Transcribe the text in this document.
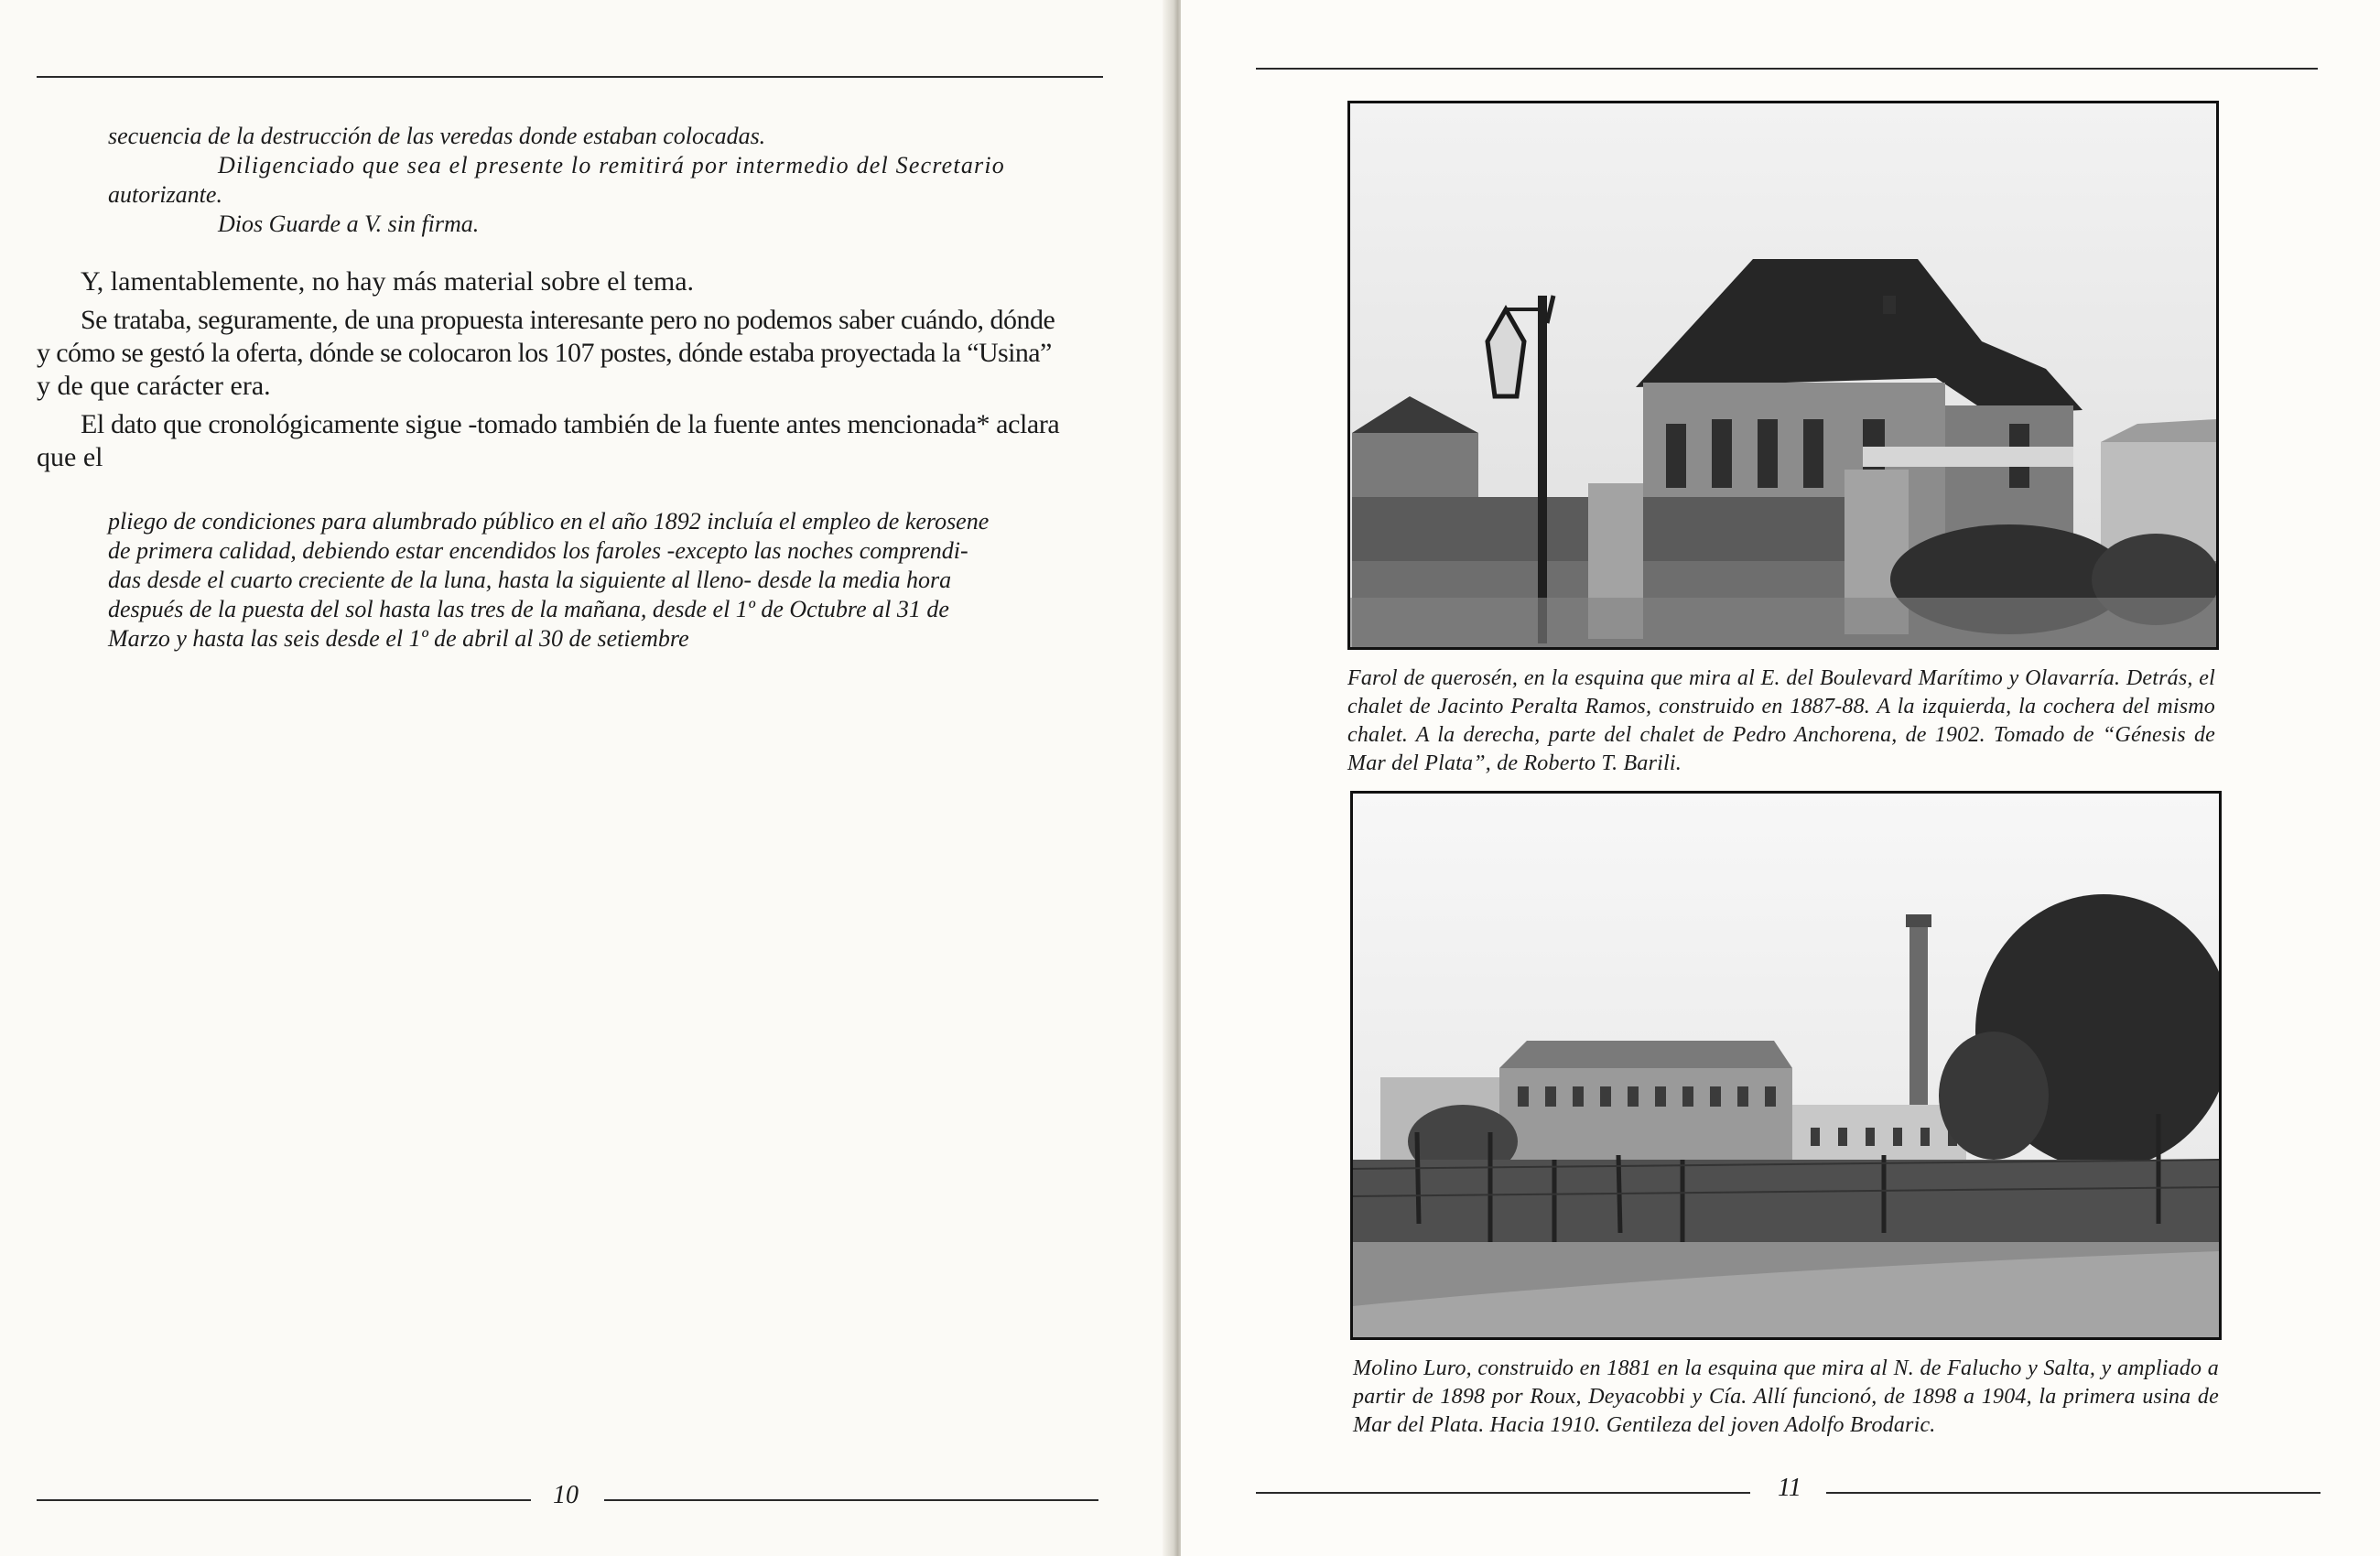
secuencia de la destrucción de las veredas donde estaban colocadas.
Diligenciado que sea el presente lo remitirá por intermedio del Secretario
autorizante.
Dios Guarde a V. sin firma.
Y, lamentablemente, no hay más material sobre el tema.
Se trataba, seguramente, de una propuesta interesante pero no podemos saber cuándo, dónde
y cómo se gestó la oferta, dónde se colocaron los 107 postes, dónde estaba proyectada la “Usina”
y de que carácter era.
El dato que cronológicamente sigue -tomado también de la fuente antes mencionada* aclara
que el
pliego de condiciones para alumbrado público en el año 1892 incluía el empleo de kerosene
de primera calidad, debiendo estar encendidos los faroles -excepto las noches comprendi-
das desde el cuarto creciente de la luna, hasta la siguiente al lleno- desde la media hora
después de la puesta del sol hasta las tres de la mañana, desde el 1º de Octubre al 31 de
Marzo y hasta las seis desde el 1º de abril al 30 de setiembre
10
Farol de querosén, en la esquina que mira al E. del Boulevard Marítimo y Olavarría. Detrás, el chalet de Jacinto Peralta Ramos, construido en 1887-88. A la izquierda, la cochera del mismo chalet. A la derecha, parte del chalet de Pedro Anchorena, de 1902. Tomado de “Génesis de Mar del Plata”, de Roberto T. Barili.
Molino Luro, construido en 1881 en la esquina que mira al N. de Falucho y Salta, y ampliado a partir de 1898 por Roux, Deyacobbi y Cía. Allí funcionó, de 1898 a 1904, la primera usina de Mar del Plata. Hacia 1910. Gentileza del joven Adolfo Brodaric.
11
